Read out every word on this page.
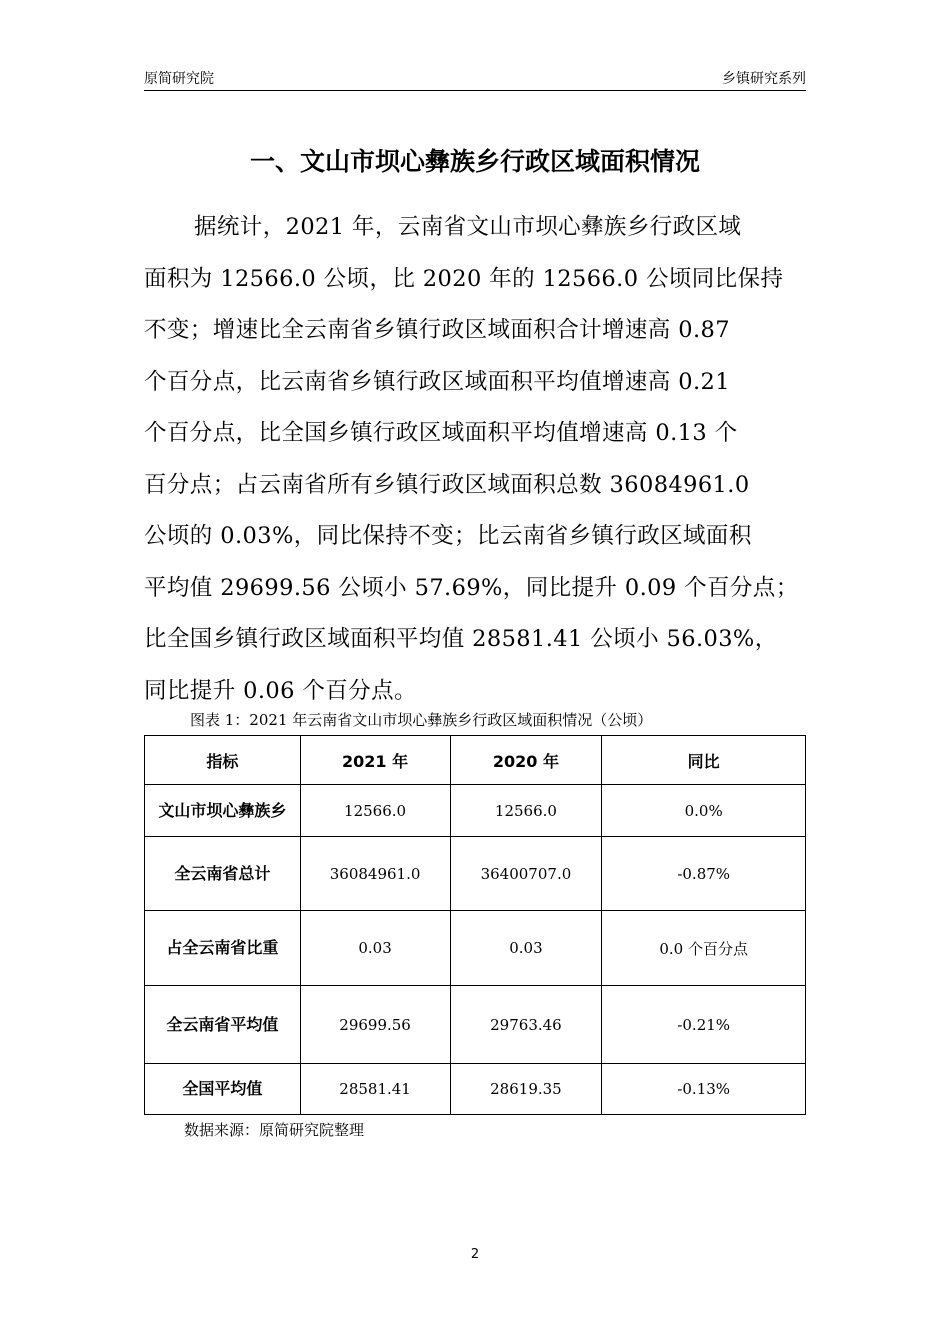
原简研究院	乡镇研究系列
一、文山市坝心彝族乡行政区域面积情况
据统计，2021 年，云南省文山市坝心彝族乡行政区域
面积为 12566.0 公顷，比 2020 年的 12566.0 公顷同比保持
不变；增速比全云南省乡镇行政区域面积合计增速高 0.87
个百分点，比云南省乡镇行政区域面积平均值增速高 0.21
个百分点，比全国乡镇行政区域面积平均值增速高 0.13 个
百分点；占云南省所有乡镇行政区域面积总数 36084961.0
公顷的 0.03%，同比保持不变；比云南省乡镇行政区域面积
平均值 29699.56 公顷小 57.69%，同比提升 0.09 个百分点；
比全国乡镇行政区域面积平均值 28581.41 公顷小 56.03%，
同比提升 0.06 个百分点。
图表 1：2021 年云南省文山市坝心彝族乡行政区域面积情况（公顷）
指标	2021 年	2020 年	同比
文山市坝心彝族乡	12566.0	12566.0	0.0%
全云南省总计	36084961.0	36400707.0	-0.87%
占全云南省比重	0.03	0.03	0.0 个百分点
全云南省平均值	29699.56	29763.46	-0.21%
全国平均值	28581.41	28619.35	-0.13%
数据来源：原简研究院整理
2
